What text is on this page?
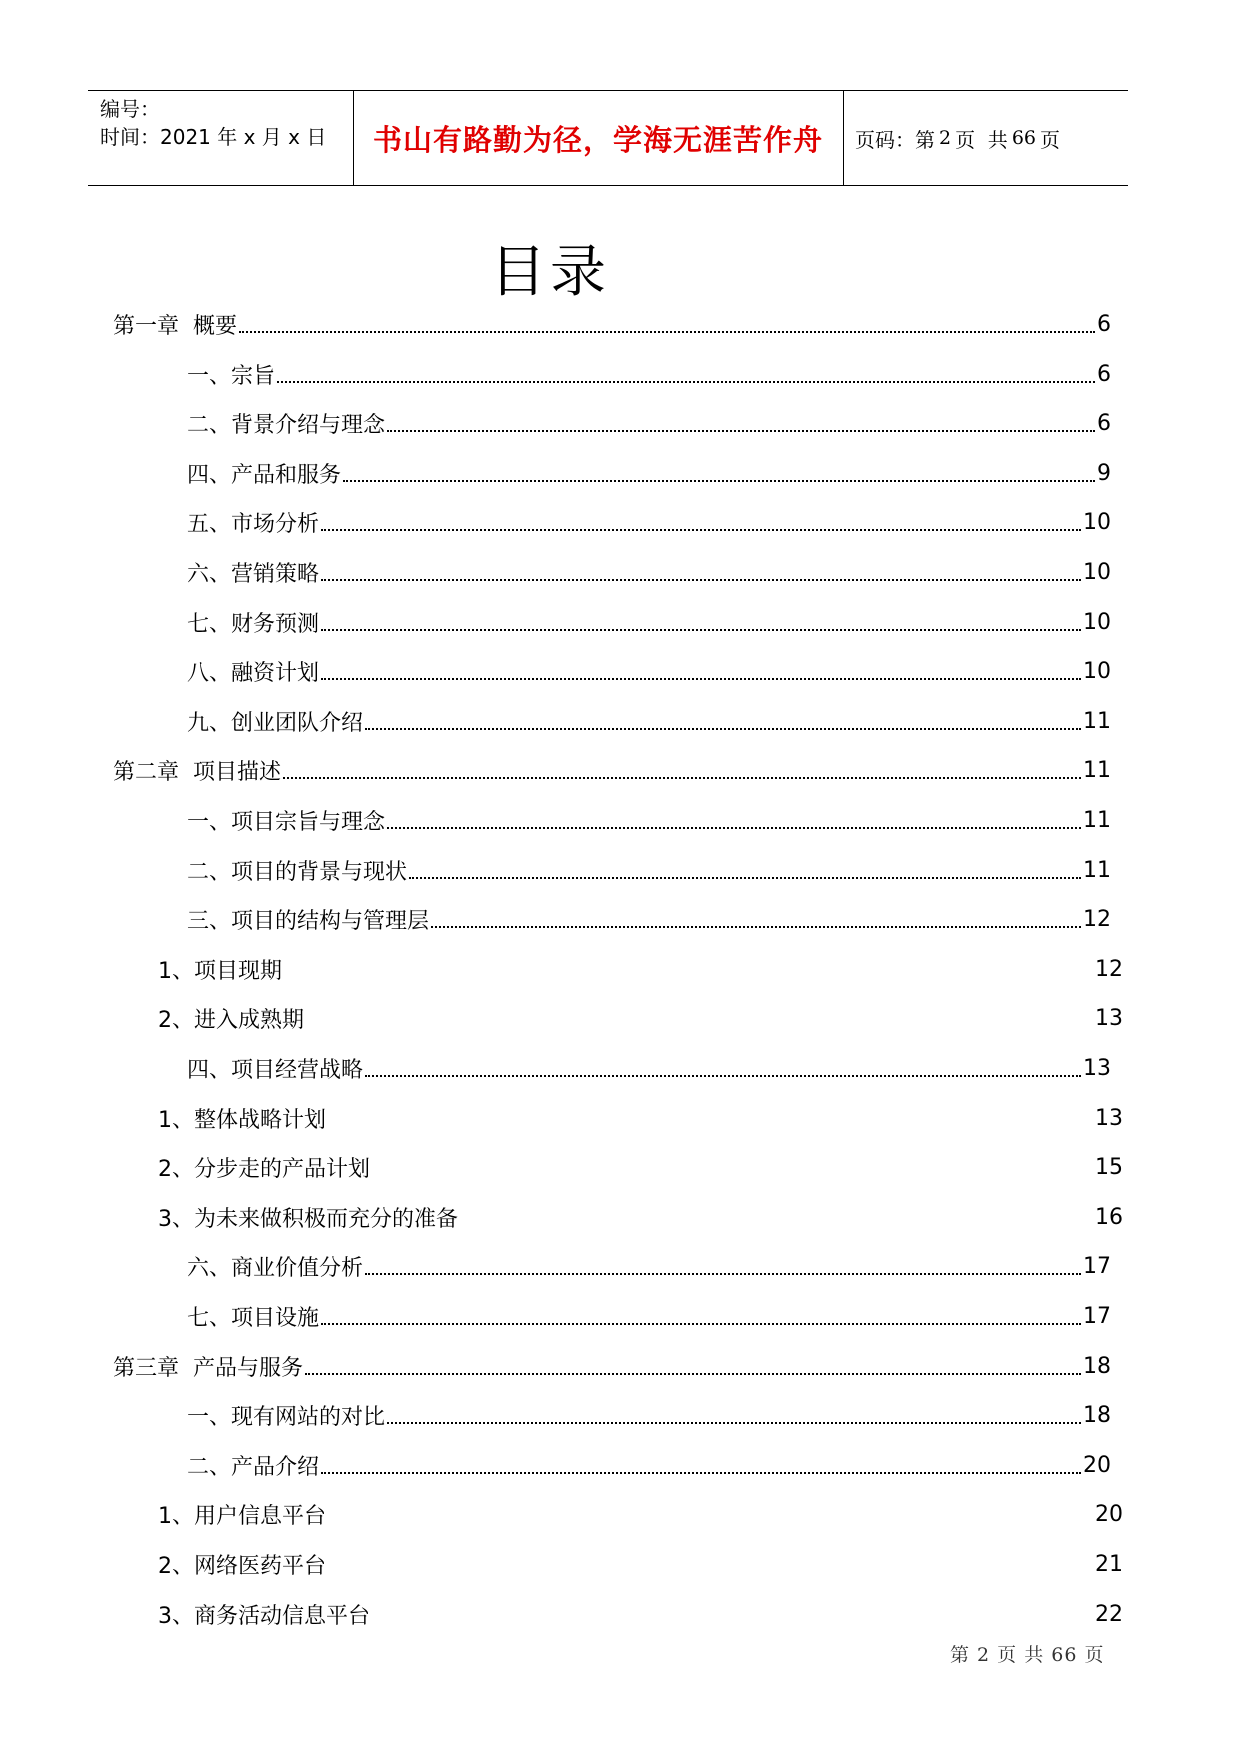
编号：
时间：2021 年 x 月 x 日	书山有路勤为径，学海无涯苦作舟	页码：第 2 页  共 66 页
目录
第一章  概要	6
一、宗旨	6
二、背景介绍与理念	6
四、产品和服务	9
五、市场分析	10
六、营销策略	10
七、财务预测	10
八、融资计划	10
九、创业团队介绍	11
第二章  项目描述	11
一、项目宗旨与理念	11
二、项目的背景与现状	11
三、项目的结构与管理层	12
1、项目现期	12
2、进入成熟期	13
四、项目经营战略	13
1、整体战略计划	13
2、分步走的产品计划	15
3、为未来做积极而充分的准备	16
六、商业价值分析	17
七、项目设施	17
第三章  产品与服务	18
一、现有网站的对比	18
二、产品介绍	20
1、用户信息平台	20
2、网络医药平台	21
3、商务活动信息平台	22
第 2 页 共 66 页
